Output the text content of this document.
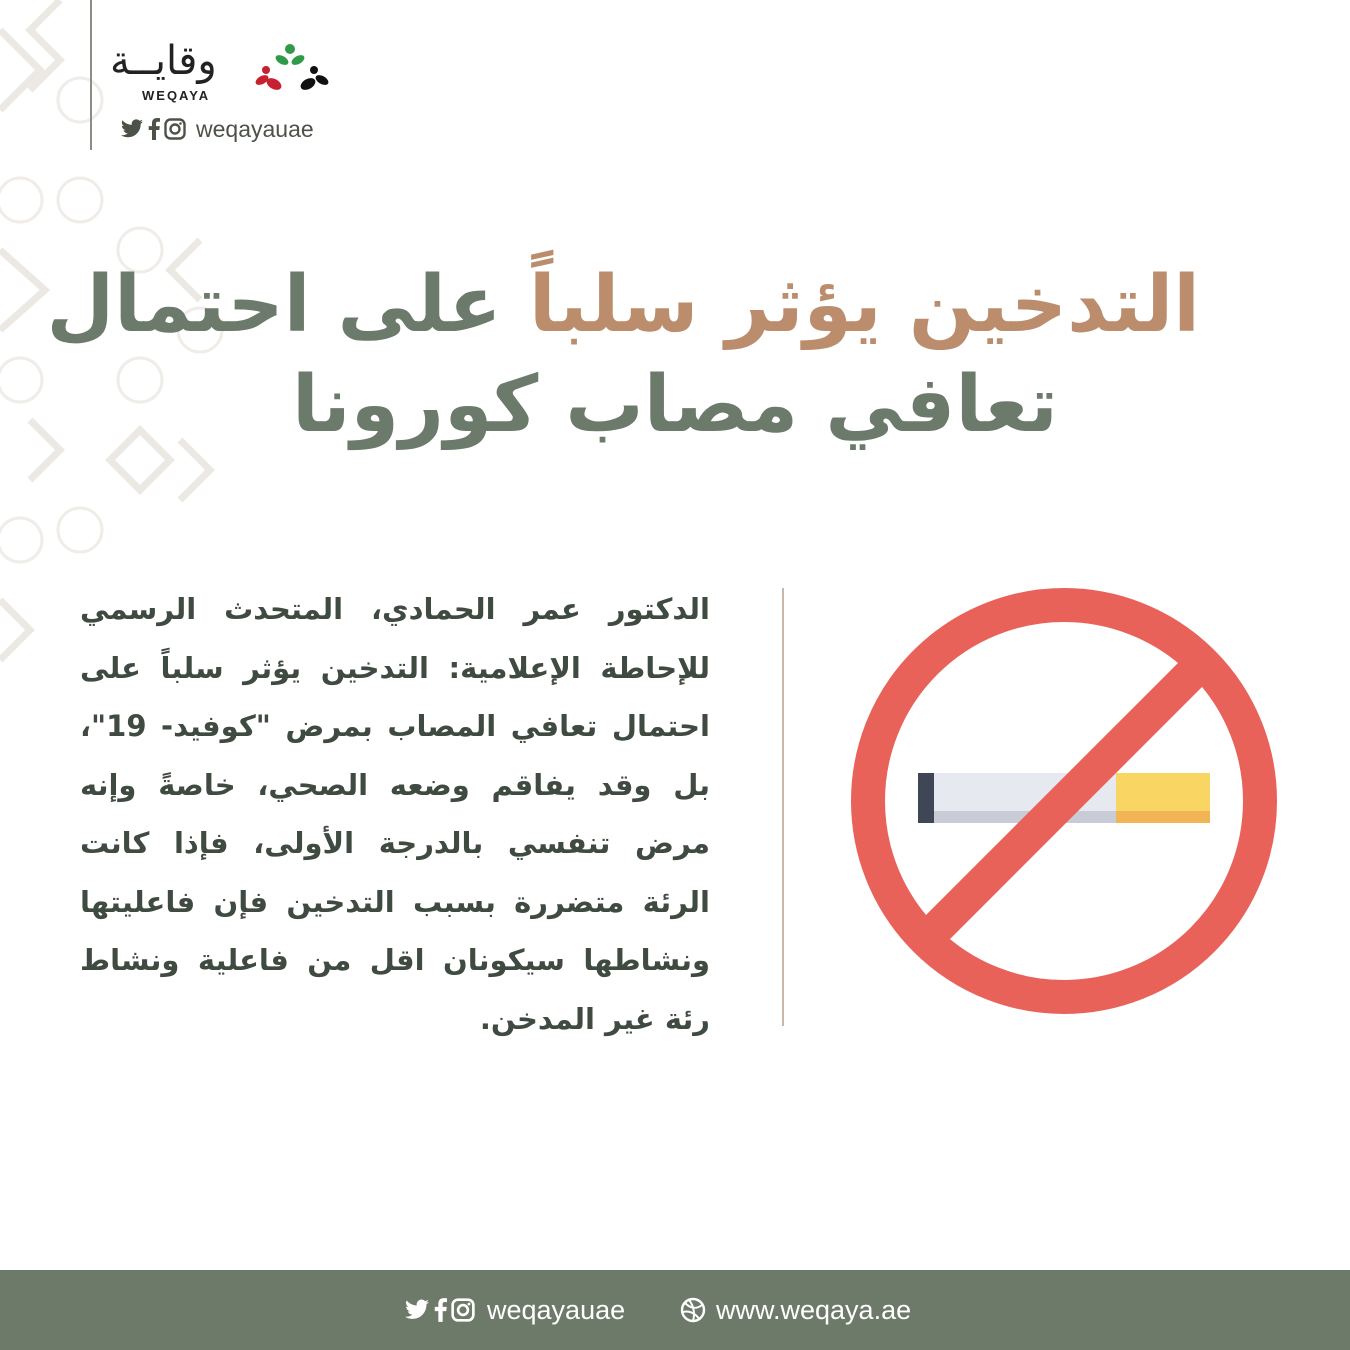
وقايــة
WEQAYA
weqayauae
التدخين يؤثر سلباً على احتمال
تعافي مصاب كورونا
الدكتور عمر الحمادي، المتحدث الرسمي للإحاطة الإعلامية: التدخين يؤثر سلباً على احتمال تعافي المصاب بمرض "كوفيد- 19"، بل وقد يفاقم وضعه الصحي، خاصةً وإنه مرض تنفسي بالدرجة الأولى، فإذا كانت الرئة متضررة بسبب التدخين فإن فاعليتها ونشاطها سيكونان اقل من فاعلية ونشاط رئة غير المدخن.
weqayauae	www.weqaya.ae
